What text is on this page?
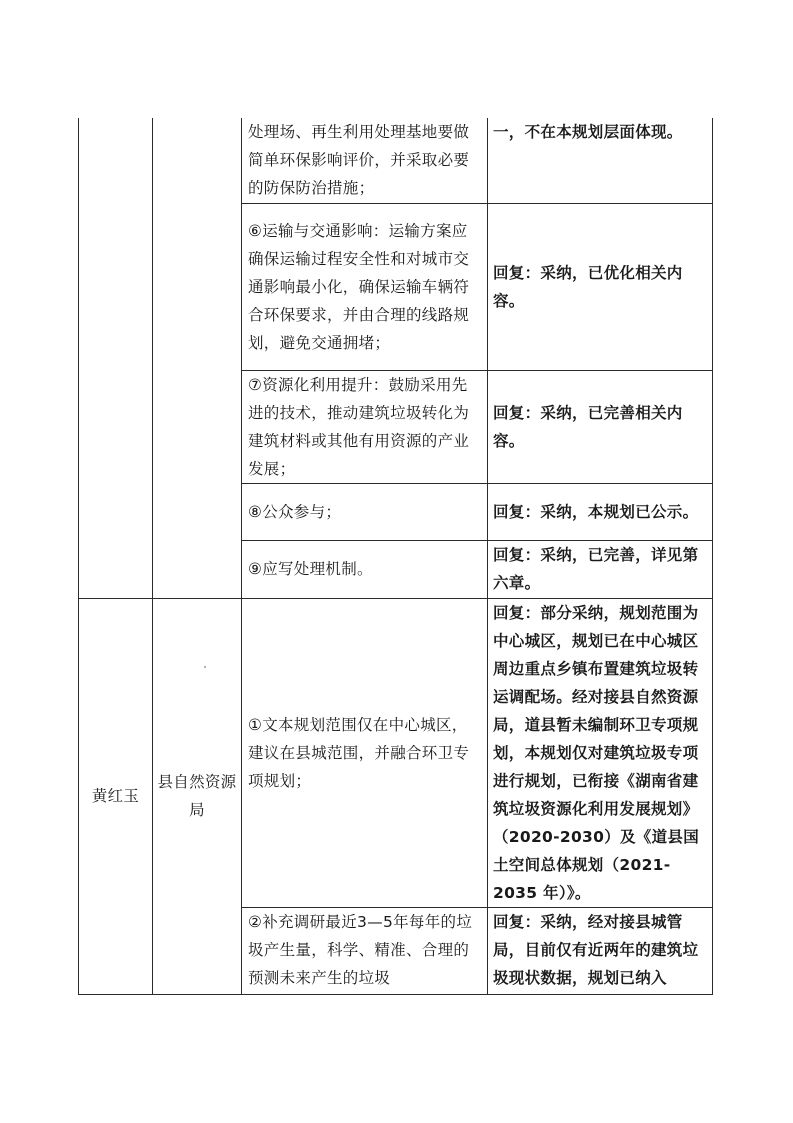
		处理场、再生利用处理基地要做简单环保影响评价，并采取必要的防保防治措施；	一，不在本规划层面体现。
		⑥运输与交通影响：运输方案应确保运输过程安全性和对城市交通影响最小化，确保运输车辆符合环保要求，并由合理的线路规划，避免交通拥堵；	回复：采纳，已优化相关内容。
		⑦资源化利用提升：鼓励采用先进的技术，推动建筑垃圾转化为建筑材料或其他有用资源的产业发展；	回复：采纳，已完善相关内容。
		⑧公众参与；	回复：采纳，本规划已公示。
		⑨应写处理机制。	回复：采纳，已完善，详见第六章。
黄红玉	县自然资源局	①文本规划范围仅在中心城区，建议在县城范围，并融合环卫专项规划；	回复：部分采纳，规划范围为中心城区，规划已在中心城区周边重点乡镇布置建筑垃圾转运调配场。经对接县自然资源局，道县暂未编制环卫专项规划，本规划仅对建筑垃圾专项进行规划，已衔接《湖南省建筑垃圾资源化利用发展规划》（2020-2030）及《道县国土空间总体规划（2021-2035 年）》。
		②补充调研最近3—5年每年的垃圾产生量，科学、精准、合理的预测未来产生的垃圾	回复：采纳，经对接县城管局，目前仅有近两年的建筑垃圾现状数据，规划已纳入
